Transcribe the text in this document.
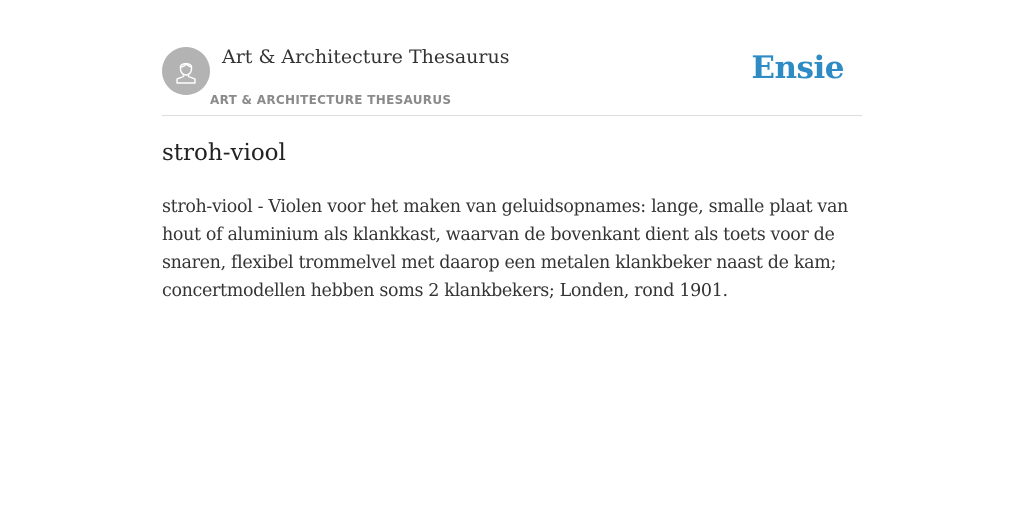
Art & Architecture Thesaurus
ART & ARCHITECTURE THESAURUS
Ensie
stroh-viool

stroh-viool - Violen voor het maken van geluidsopnames: lange, smalle plaat van hout of aluminium als klankkast, waarvan de bovenkant dient als toets voor de snaren, flexibel trommelvel met daarop een metalen klankbeker naast de kam; concertmodellen hebben soms 2 klankbekers; Londen, rond 1901.
